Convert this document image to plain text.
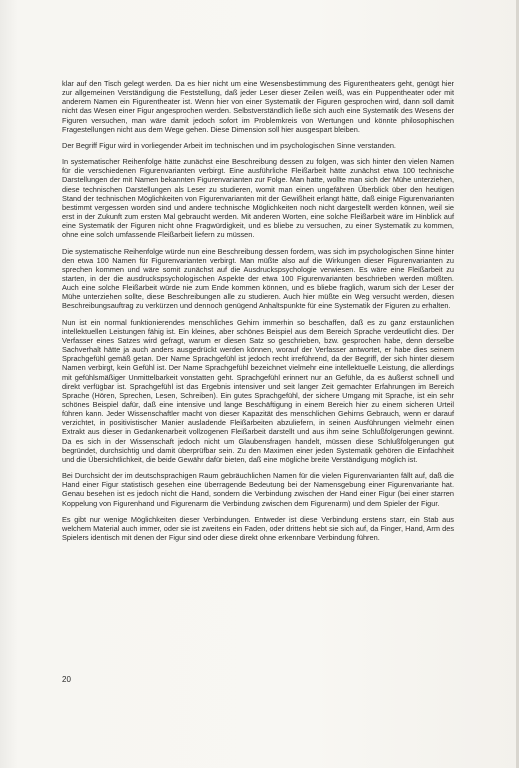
klar auf den Tisch gelegt werden. Da es hier nicht um eine Wesensbestimmung des Figurentheaters geht, genügt hier zur allgemeinen Verständigung die Feststellung, daß jeder Leser dieser Zeilen weiß, was ein Puppentheater oder mit anderem Namen ein Figurentheater ist. Wenn hier von einer Systematik der Figuren gesprochen wird, dann soll damit nicht das Wesen einer Figur angesprochen werden. Selbstverständlich ließe sich auch eine Systematik des Wesens der Figuren versuchen, man wäre damit jedoch sofort im Problemkreis von Wertungen und könnte philosophischen Fragestellungen nicht aus dem Wege gehen. Diese Dimension soll hier ausgespart bleiben.

Der Begriff Figur wird in vorliegender Arbeit im technischen und im psychologischen Sinne verstanden.

In systematischer Reihenfolge hätte zunächst eine Beschreibung dessen zu folgen, was sich hinter den vielen Namen für die verschiedenen Figurenvarianten verbirgt. Eine ausführliche Fleißarbeit hätte zunächst etwa 100 technische Darstellungen der mit Namen bekannten Figurenvarianten zur Folge. Man hatte, wollte man sich der Mühe unterziehen, diese technischen Darstellungen als Leser zu studieren, womit man einen ungefähren Überblick über den heutigen Stand der technischen Möglichkeiten von Figurenvarianten mit der Gewißheit erlangt hätte, daß einige Figurenvarianten bestimmt vergessen worden sind und andere technische Möglichkeiten noch nicht dargestellt werden können, weil sie erst in der Zukunft zum ersten Mal gebraucht werden. Mit anderen Worten, eine solche Fleißarbeit wäre im Hinblick auf eine Systematik der Figuren nicht ohne Fragwürdigkeit, und es bliebe zu versuchen, zu einer Systematik zu kommen, ohne eine solch umfassende Fleißarbeit liefern zu müssen.

Die systematische Reihenfolge würde nun eine Beschreibung dessen fordern, was sich im psychologischen Sinne hinter den etwa 100 Namen für Figurenvarianten verbirgt. Man müßte also auf die Wirkungen dieser Figurenvarianten zu sprechen kommen und wäre somit zunächst auf die Ausdruckspsychologie verwiesen. Es wäre eine Fleißarbeit zu starten, in der die ausdruckspsychologischen Aspekte der etwa 100 Figurenvarianten beschrieben werden müßten. Auch eine solche Fleißarbeit würde nie zum Ende kommen können, und es bliebe fraglich, warum sich der Leser der Mühe unterziehen sollte, diese Beschreibungen alle zu studieren. Auch hier müßte ein Weg versucht werden, diesen Beschreibungsauftrag zu verkürzen und dennoch genügend Anhaltspunkte für eine Systematik der Figuren zu erhalten.

Nun ist ein normal funktionierendes menschliches Gehirn immerhin so beschaffen, daß es zu ganz erstaunlichen intellektuellen Leistungen fähig ist. Ein kleines, aber schönes Beispiel aus dem Bereich Sprache verdeutlicht dies. Der Verfasser eines Satzes wird gefragt, warum er diesen Satz so geschrieben, bzw. gesprochen habe, denn derselbe Sachverhalt hätte ja auch anders ausgedrückt werden können, worauf der Verfasser antwortet, er habe dies seinem Sprachgefühl gemäß getan. Der Name Sprachgefühl ist jedoch recht irreführend, da der Begriff, der sich hinter diesem Namen verbirgt, kein Gefühl ist. Der Name Sprachgefühl bezeichnet vielmehr eine intellektuelle Leistung, die allerdings mit gefühlsmäßiger Unmittelbarkeit vonstatten geht. Sprachgefühl erinnert nur an Gefühle, da es äußerst schnell und direkt verfügbar ist. Sprachgefühl ist das Ergebnis intensiver und seit langer Zeit gemachter Erfahrungen im Bereich Sprache (Hören, Sprechen, Lesen, Schreiben). Ein gutes Sprachgefühl, der sichere Umgang mit Sprache, ist ein sehr schönes Beispiel dafür, daß eine intensive und lange Beschäftigung in einem Bereich hier zu einem sicheren Urteil führen kann. Jeder Wissenschaftler macht von dieser Kapazität des menschlichen Gehirns Gebrauch, wenn er darauf verzichtet, in positivistischer Manier ausladende Fleißarbeiten abzuliefern, in seinen Ausführungen vielmehr einen Extrakt aus dieser in Gedankenarbeit vollzogenen Fleißarbeit darstellt und aus ihm seine Schlußfolgerungen gewinnt. Da es sich in der Wissenschaft jedoch nicht um Glaubensfragen handelt, müssen diese Schlußfolgerungen gut begründet, durchsichtig und damit überprüfbar sein. Zu den Maximen einer jeden Systematik gehören die Einfachheit und die Übersichtlichkeit, die beide Gewähr dafür bieten, daß eine mögliche breite Verständigung möglich ist.

Bei Durchsicht der im deutschsprachigen Raum gebräuchlichen Namen für die vielen Figurenvarianten fällt auf, daß die Hand einer Figur statistisch gesehen eine überragende Bedeutung bei der Namensgebung einer Figurenvariante hat. Genau besehen ist es jedoch nicht die Hand, sondern die Verbindung zwischen der Hand einer Figur (bei einer starren Koppelung von Figurenhand und Figurenarm die Verbindung zwischen dem Figurenarm) und dem Spieler der Figur.

Es gibt nur wenige Möglichkeiten dieser Verbindungen. Entweder ist diese Verbindung erstens starr, ein Stab aus welchem Material auch immer, oder sie ist zweitens ein Faden, oder drittens hebt sie sich auf, da Finger, Hand, Arm des Spielers identisch mit denen der Figur sind oder diese direkt ohne erkennbare Verbindung führen.

20
